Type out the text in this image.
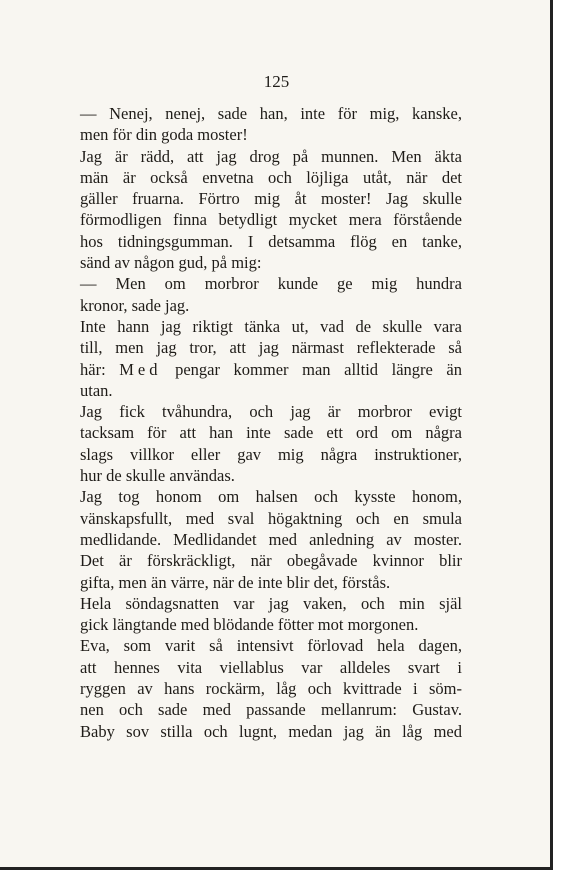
125

— Nenej, nenej, sade han, inte för mig, kanske,

men för din goda moster!

Jag är rädd, att jag drog på munnen. Men äkta

män är också envetna och löjliga utåt, när det

gäller fruarna. Förtro mig åt moster! Jag skulle

förmodligen finna betydligt mycket mera förstående

hos tidningsgumman. I detsamma flög en tanke,

sänd av någon gud, på mig:

— Men om morbror kunde ge mig hundra

kronor, sade jag.

Inte hann jag riktigt tänka ut, vad de skulle vara

till, men jag tror, att jag närmast reflekterade så

här: Med pengar kommer man alltid längre än

utan.

Jag fick tvåhundra, och jag är morbror evigt

tacksam för att han inte sade ett ord om några

slags villkor eller gav mig några instruktioner,

hur de skulle användas.

Jag tog honom om halsen och kysste honom,

vänskapsfullt, med sval högaktning och en smula

medlidande. Medlidandet med anledning av moster.

Det är förskräckligt, när obegåvade kvinnor blir

gifta, men än värre, när de inte blir det, förstås.

Hela söndagsnatten var jag vaken, och min själ

gick längtande med blödande fötter mot morgonen.

Eva, som varit så intensivt förlovad hela dagen,

att hennes vita viellablus var alldeles svart i

ryggen av hans rockärm, låg och kvittrade i söm-

nen och sade med passande mellanrum: Gustav.

Baby sov stilla och lugnt, medan jag än låg med
